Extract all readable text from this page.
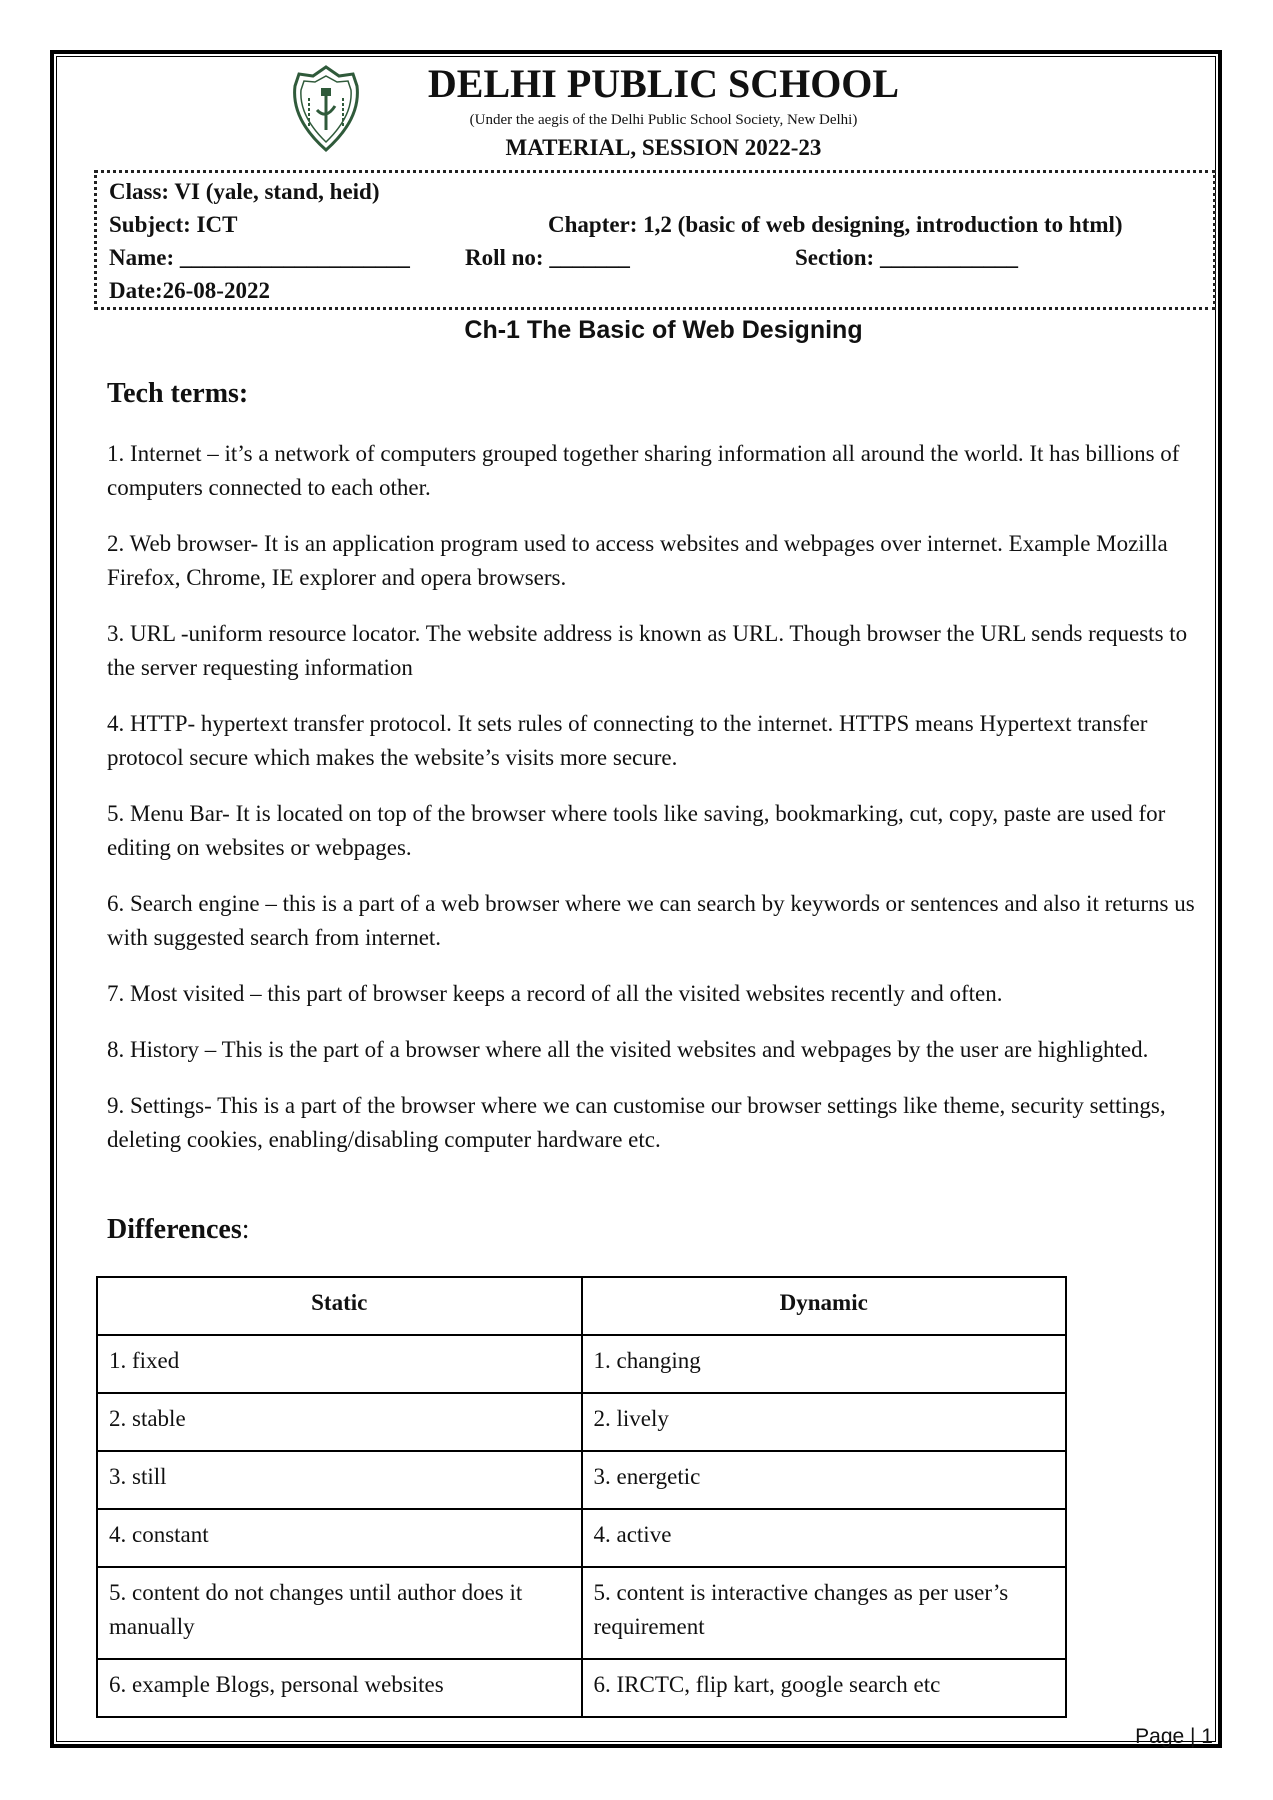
DELHI PUBLIC SCHOOL
(Under the aegis of the Delhi Public School Society, New Delhi)
MATERIAL, SESSION 2022-23
Class: VI (yale, stand, heid)
Subject: ICT	Chapter: 1,2 (basic of web designing, introduction to html)
Name: ____________________ Roll no: _______	Section: ____________
Date:26-08-2022
Ch-1 The Basic of Web Designing
Tech terms:

1. Internet – it’s a network of computers grouped together sharing information all around the world. It has billions of computers connected to each other.

2. Web browser- It is an application program used to access websites and webpages over internet. Example Mozilla Firefox, Chrome, IE explorer and opera browsers.

3. URL -uniform resource locator. The website address is known as URL. Though browser the URL sends requests to the server requesting information

4. HTTP- hypertext transfer protocol. It sets rules of connecting to the internet. HTTPS means Hypertext transfer protocol secure which makes the website’s visits more secure.

5. Menu Bar- It is located on top of the browser where tools like saving, bookmarking, cut, copy, paste are used for editing on websites or webpages.

6. Search engine – this is a part of a web browser where we can search by keywords or sentences and also it returns us with suggested search from internet.

7. Most visited – this part of browser keeps a record of all the visited websites recently and often.

8. History – This is the part of a browser where all the visited websites and webpages by the user are highlighted.

9. Settings- This is a part of the browser where we can customise our browser settings like theme, security settings, deleting cookies, enabling/disabling computer hardware etc.

Differences:
Static	Dynamic
1. fixed	1. changing
2. stable	2. lively
3. still	3. energetic
4. constant	4. active
5. content do not changes until author does it manually	5. content is interactive changes as per user’s requirement
6. example Blogs, personal websites	6. IRCTC, flip kart, google search etc
Page | 1
